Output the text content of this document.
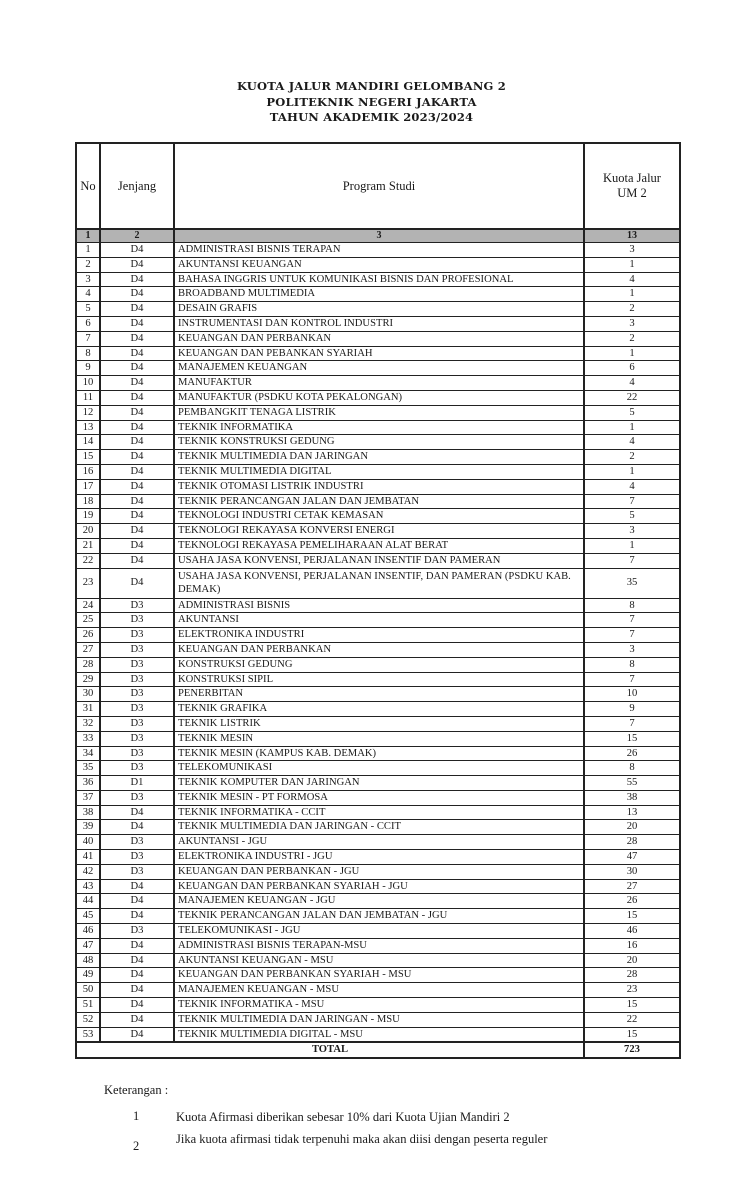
KUOTA JALUR MANDIRI GELOMBANG 2
POLITEKNIK NEGERI JAKARTA
TAHUN AKADEMIK 2023/2024
No	Jenjang	Program Studi	Kuota Jalur
UM 2

1	2	3	13
1	D4	ADMINISTRASI BISNIS TERAPAN	3
2	D4	AKUNTANSI KEUANGAN	1
3	D4	BAHASA INGGRIS UNTUK KOMUNIKASI BISNIS DAN PROFESIONAL	4
4	D4	BROADBAND MULTIMEDIA	1
5	D4	DESAIN GRAFIS	2
6	D4	INSTRUMENTASI DAN KONTROL INDUSTRI	3
7	D4	KEUANGAN DAN PERBANKAN	2
8	D4	KEUANGAN DAN PEBANKAN SYARIAH	1
9	D4	MANAJEMEN KEUANGAN	6
10	D4	MANUFAKTUR	4
11	D4	MANUFAKTUR (PSDKU KOTA PEKALONGAN)	22
12	D4	PEMBANGKIT TENAGA LISTRIK	5
13	D4	TEKNIK INFORMATIKA	1
14	D4	TEKNIK KONSTRUKSI GEDUNG	4
15	D4	TEKNIK MULTIMEDIA DAN JARINGAN	2
16	D4	TEKNIK MULTIMEDIA DIGITAL	1
17	D4	TEKNIK OTOMASI LISTRIK INDUSTRI	4
18	D4	TEKNIK PERANCANGAN JALAN DAN JEMBATAN	7
19	D4	TEKNOLOGI INDUSTRI CETAK KEMASAN	5
20	D4	TEKNOLOGI REKAYASA KONVERSI ENERGI	3
21	D4	TEKNOLOGI REKAYASA PEMELIHARAAN ALAT BERAT	1
22	D4	USAHA JASA KONVENSI, PERJALANAN INSENTIF DAN PAMERAN	7
23	D4	USAHA JASA KONVENSI, PERJALANAN INSENTIF, DAN PAMERAN (PSDKU KAB. DEMAK)	35
24	D3	ADMINISTRASI BISNIS	8
25	D3	AKUNTANSI	7
26	D3	ELEKTRONIKA INDUSTRI	7
27	D3	KEUANGAN DAN PERBANKAN	3
28	D3	KONSTRUKSI GEDUNG	8
29	D3	KONSTRUKSI SIPIL	7
30	D3	PENERBITAN	10
31	D3	TEKNIK GRAFIKA	9
32	D3	TEKNIK LISTRIK	7
33	D3	TEKNIK MESIN	15
34	D3	TEKNIK MESIN (KAMPUS KAB. DEMAK)	26
35	D3	TELEKOMUNIKASI	8
36	D1	TEKNIK KOMPUTER DAN JARINGAN	55
37	D3	TEKNIK MESIN - PT FORMOSA	38
38	D4	TEKNIK INFORMATIKA - CCIT	13
39	D4	TEKNIK MULTIMEDIA DAN JARINGAN - CCIT	20
40	D3	AKUNTANSI - JGU	28
41	D3	ELEKTRONIKA INDUSTRI - JGU	47
42	D3	KEUANGAN DAN PERBANKAN - JGU	30
43	D4	KEUANGAN DAN PERBANKAN SYARIAH - JGU	27
44	D4	MANAJEMEN KEUANGAN - JGU	26
45	D4	TEKNIK PERANCANGAN JALAN DAN JEMBATAN - JGU	15
46	D3	TELEKOMUNIKASI - JGU	46
47	D4	ADMINISTRASI BISNIS TERAPAN-MSU	16
48	D4	AKUNTANSI KEUANGAN - MSU	20
49	D4	KEUANGAN DAN PERBANKAN SYARIAH - MSU	28
50	D4	MANAJEMEN KEUANGAN - MSU	23
51	D4	TEKNIK INFORMATIKA - MSU	15
52	D4	TEKNIK MULTIMEDIA DAN JARINGAN - MSU	22
53	D4	TEKNIK MULTIMEDIA DIGITAL - MSU	15
TOTAL			723
Keterangan :
1	Kuota Afirmasi diberikan sebesar 10% dari Kuota Ujian Mandiri 2
2	Jika kuota afirmasi tidak terpenuhi maka akan diisi dengan peserta reguler
